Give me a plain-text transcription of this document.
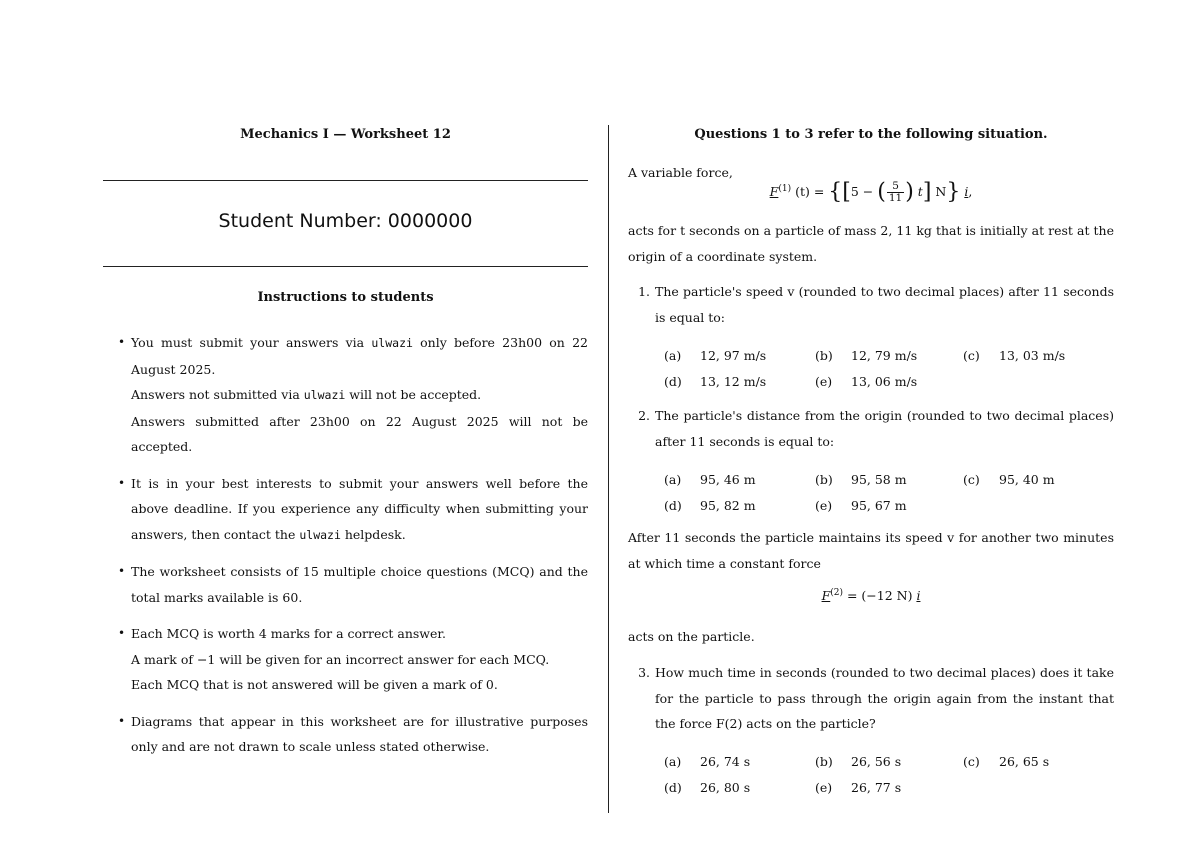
Mechanics I — Worksheet 12
Student Number: 0000000
Instructions to students
• You must submit your answers via ulwazi only before 23h00 on 22 August 2025.

Answers not submitted via ulwazi will not be accepted.

Answers submitted after 23h00 on 22 August 2025 will not be accepted.

• It is in your best interests to submit your answers well before the above deadline. If you experience any difficulty when submitting your answers, then contact the ulwazi helpdesk.

• The worksheet consists of 15 multiple choice questions (MCQ) and the total marks available is 60.

• Each MCQ is worth 4 marks for a correct answer.

A mark of −1 will be given for an incorrect answer for each MCQ.

Each MCQ that is not answered will be given a mark of 0.

• Diagrams that appear in this worksheet are for illustrative purposes only and are not drawn to scale unless stated otherwise.

Questions 1 to 3 refer to the following situation.
A variable force,
$F^{(1)}$ (t) = {[5 − ( $\frac{5}{11}$ ) t] N} i,
acts for t seconds on a particle of mass 2, 11 kg that is initially at rest at the origin of a coordinate system.
1. The particle's speed v (rounded to two decimal places) after 11 seconds is equal to:
(a) 12, 97 m/s	(b) 12, 79 m/s	(c) 13, 03 m/s
(d) 13, 12 m/s	(e) 13, 06 m/s
2. The particle's distance from the origin (rounded to two decimal places) after 11 seconds is equal to:
(a) 95, 46 m	(b) 95, 58 m	(c) 95, 40 m
(d) 95, 82 m	(e) 95, 67 m
After 11 seconds the particle maintains its speed v for another two minutes at which time a constant force
$F^{(2)} = (-12$ N) i
acts on the particle.
3. How much time in seconds (rounded to two decimal places) does it take for the particle to pass through the origin again from the instant that the force F(2) acts on the particle?
(a) 26, 74 s	(b) 26, 56 s	(c) 26, 65 s
(d) 26, 80 s	(e) 26, 77 s
